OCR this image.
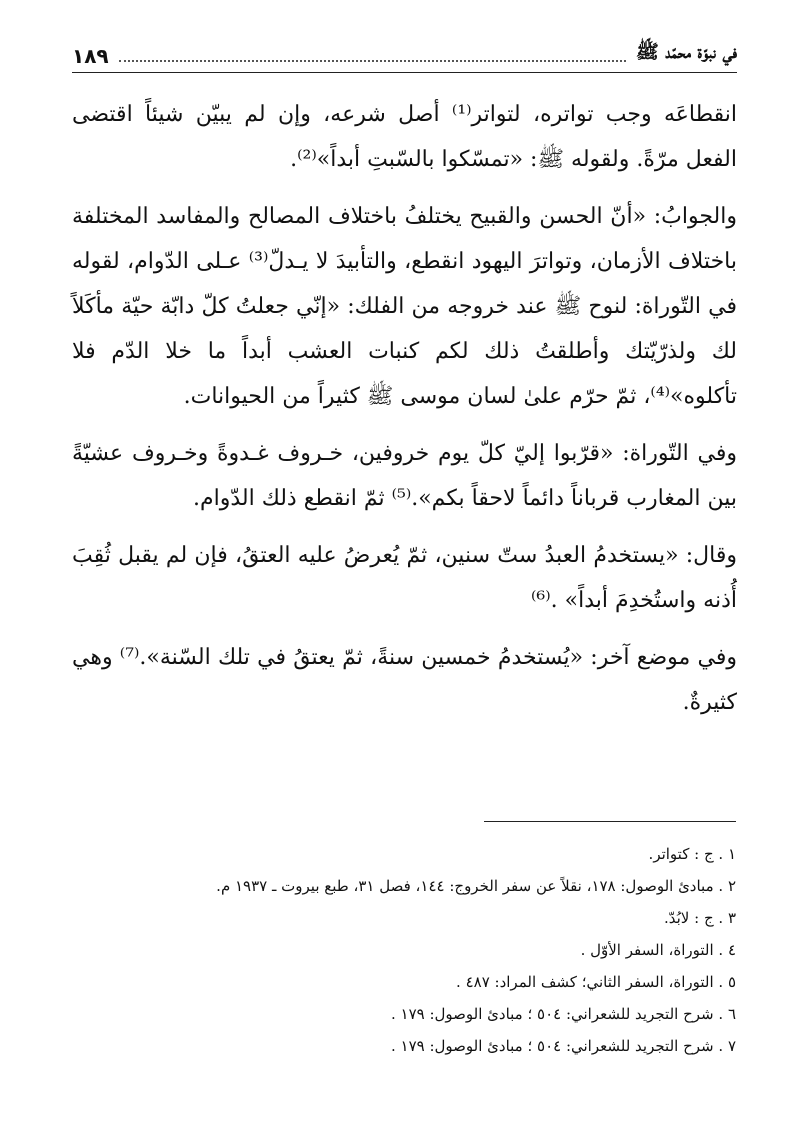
١٨٩	في نبوّة محمّد ﷺ

انقطاعَه وجب تواتره، لتواتر⁽¹⁾ أصل شرعه، وإن لم يبيّن شيئاً اقتضى الفعل مرّةً. ولقوله ﷺ: «تمسّكوا بالسّبتِ أبداً»⁽²⁾.

والجوابُ: «أنّ الحسن والقبيح يختلفُ باختلاف المصالح والمفاسد المختلفة باختلاف الأزمان، وتواترَ اليهود انقطع، والتأبيدَ لا يـدلّ⁽³⁾ عـلى الدّوام، لقوله في التّوراة: لنوح ﷺ عند خروجه من الفلك: «إنّي جعلتُ كلّ دابّة حيّة مأكَلاً لك ولذرّيّتك وأطلقتُ ذلك لكم كنبات العشب أبداً ما خلا الدّم فلا تأكلوه»⁽⁴⁾، ثمّ حرّم علىٰ لسان موسى ﷺ كثيراً من الحيوانات.

وفي التّوراة: «قرّبوا إليّ كلّ يوم خروفين، خـروف غـدوةً وخـروف عشيّةً بين المغارب قرباناً دائماً لاحقاً بكم».⁽⁵⁾ ثمّ انقطع ذلك الدّوام.

وقال: «يستخدمُ العبدُ ستّ سنين، ثمّ يُعرضُ عليه العتقُ، فإن لم يقبل ثُقِبَ أُذنه واستُخدِمَ أبداً» .⁽⁶⁾

وفي موضع آخر: «يُستخدمُ خمسين سنةً، ثمّ يعتقُ في تلك السّنة».⁽⁷⁾ وهي كثيرةٌ.

١ . ج : كتواتر.
٢ . مبادئ الوصول: ١٧٨، نقلاً عن سفر الخروج: ١٤٤، فصل ٣١، طبع بيروت ـ ١٩٣٧ م.
٣ . ج : لابُدّ.
٤ . التوراة، السفر الأوّل .
٥ . التوراة، السفر الثاني؛ كشف المراد: ٤٨٧ .
٦ . شرح التجريد للشعراني: ٥٠٤ ؛ مبادئ الوصول: ١٧٩ .
٧ . شرح التجريد للشعراني: ٥٠٤ ؛ مبادئ الوصول: ١٧٩ .
